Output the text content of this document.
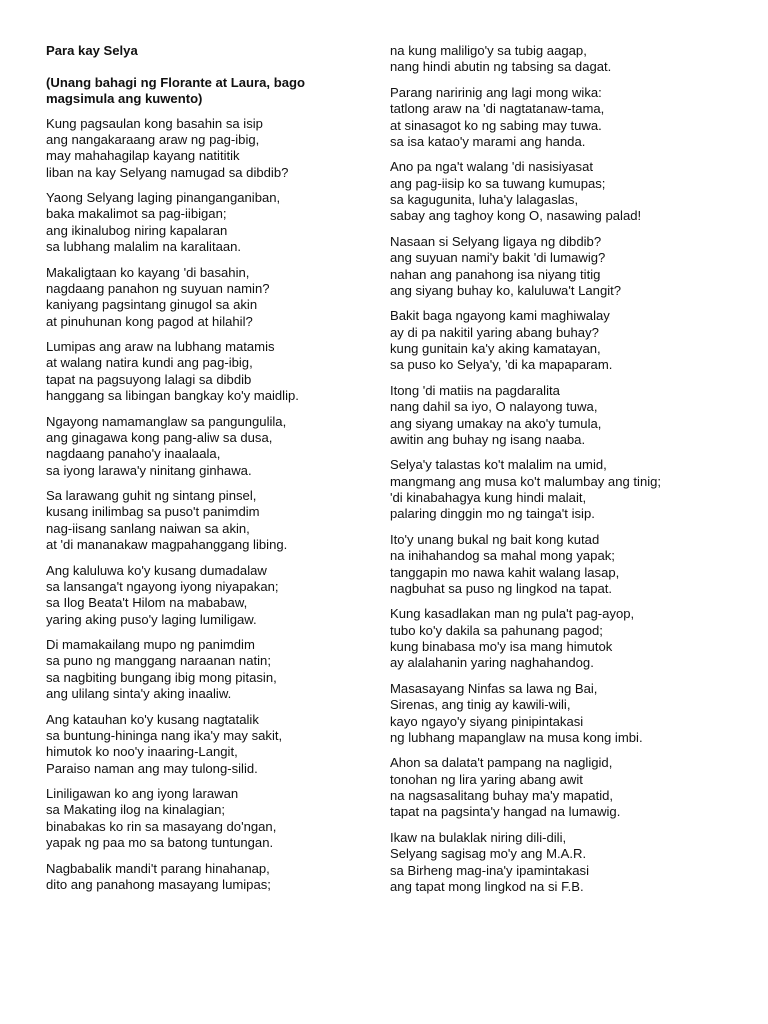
Para kay Selya
(Unang bahagi ng Florante at Laura, bago
magsimula ang kuwento)
Kung pagsaulan kong basahin sa isip
ang nangakaraang araw ng pag-ibig,
may mahahagilap kayang natititik
liban na kay Selyang namugad sa dibdib?
Yaong Selyang laging pinanganganiban,
baka makalimot sa pag-iibigan;
ang ikinalubog niring kapalaran
sa lubhang malalim na karalitaan.
Makaligtaan ko kayang 'di basahin,
nagdaang panahon ng suyuan namin?
kaniyang pagsintang ginugol sa akin
at pinuhunan kong pagod at hilahil?
Lumipas ang araw na lubhang matamis
at walang natira kundi ang pag-ibig,
tapat na pagsuyong lalagi sa dibdib
hanggang sa libingan bangkay ko'y maidlip.
Ngayong namamanglaw sa pangungulila,
ang ginagawa kong pang-aliw sa dusa,
nagdaang panaho'y inaalaala,
sa iyong larawa'y ninitang ginhawa.
Sa larawang guhit ng sintang pinsel,
kusang inilimbag sa puso't panimdim
nag-iisang sanlang naiwan sa akin,
at 'di mananakaw magpahanggang libing.
Ang kaluluwa ko'y kusang dumadalaw
sa lansanga't ngayong iyong niyapakan;
sa Ilog Beata't Hilom na mababaw,
yaring aking puso'y laging lumiligaw.
Di mamakailang mupo ng panimdim
sa puno ng manggang naraanan natin;
sa nagbiting bungang ibig mong pitasin,
ang ulilang sinta'y aking inaaliw.
Ang katauhan ko'y kusang nagtatalik
sa buntung-hininga nang ika'y may sakit,
himutok ko noo'y inaaring-Langit,
Paraiso naman ang may tulong-silid.
Liniligawan ko ang iyong larawan
sa Makating ilog na kinalagian;
binabakas ko rin sa masayang do'ngan,
yapak ng paa mo sa batong tuntungan.
Nagbabalik mandi't parang hinahanap,
dito ang panahong masayang lumipas;
na kung maliligo'y sa tubig aagap,
nang hindi abutin ng tabsing sa dagat.
Parang naririnig ang lagi mong wika:
tatlong araw na 'di nagtatanaw-tama,
at sinasagot ko ng sabing may tuwa.
sa isa katao'y marami ang handa.
Ano pa nga't walang 'di nasisiyasat
ang pag-iisip ko sa tuwang kumupas;
sa kagugunita, luha'y lalagaslas,
sabay ang taghoy kong O, nasawing palad!
Nasaan si Selyang ligaya ng dibdib?
ang suyuan nami'y bakit 'di lumawig?
nahan ang panahong isa niyang titig
ang siyang buhay ko, kaluluwa't Langit?
Bakit baga ngayong kami maghiwalay
ay di pa nakitil yaring abang buhay?
kung gunitain ka'y aking kamatayan,
sa puso ko Selya'y, 'di ka mapaparam.
Itong 'di matiis na pagdaralita
nang dahil sa iyo, O nalayong tuwa,
ang siyang umakay na ako'y tumula,
awitin ang buhay ng isang naaba.
Selya'y talastas ko't malalim na umid,
mangmang ang musa ko't malumbay ang tinig;
'di kinabahagya kung hindi malait,
palaring dinggin mo ng tainga't isip.
Ito'y unang bukal ng bait kong kutad
na inihahandog sa mahal mong yapak;
tanggapin mo nawa kahit walang lasap,
nagbuhat sa puso ng lingkod na tapat.
Kung kasadlakan man ng pula't pag-ayop,
tubo ko'y dakila sa pahunang pagod;
kung binabasa mo'y isa mang himutok
ay alalahanin yaring naghahandog.
Masasayang Ninfas sa lawa ng Bai,
Sirenas, ang tinig ay kawili-wili,
kayo ngayo'y siyang pinipintakasi
ng lubhang mapanglaw na musa kong imbi.
Ahon sa dalata't pampang na nagligid,
tonohan ng lira yaring abang awit
na nagsasalitang buhay ma'y mapatid,
tapat na pagsinta'y hangad na lumawig.
Ikaw na bulaklak niring dili-dili,
Selyang sagisag mo'y ang M.A.R.
sa Birheng mag-ina'y ipamintakasi
ang tapat mong lingkod na si F.B.
